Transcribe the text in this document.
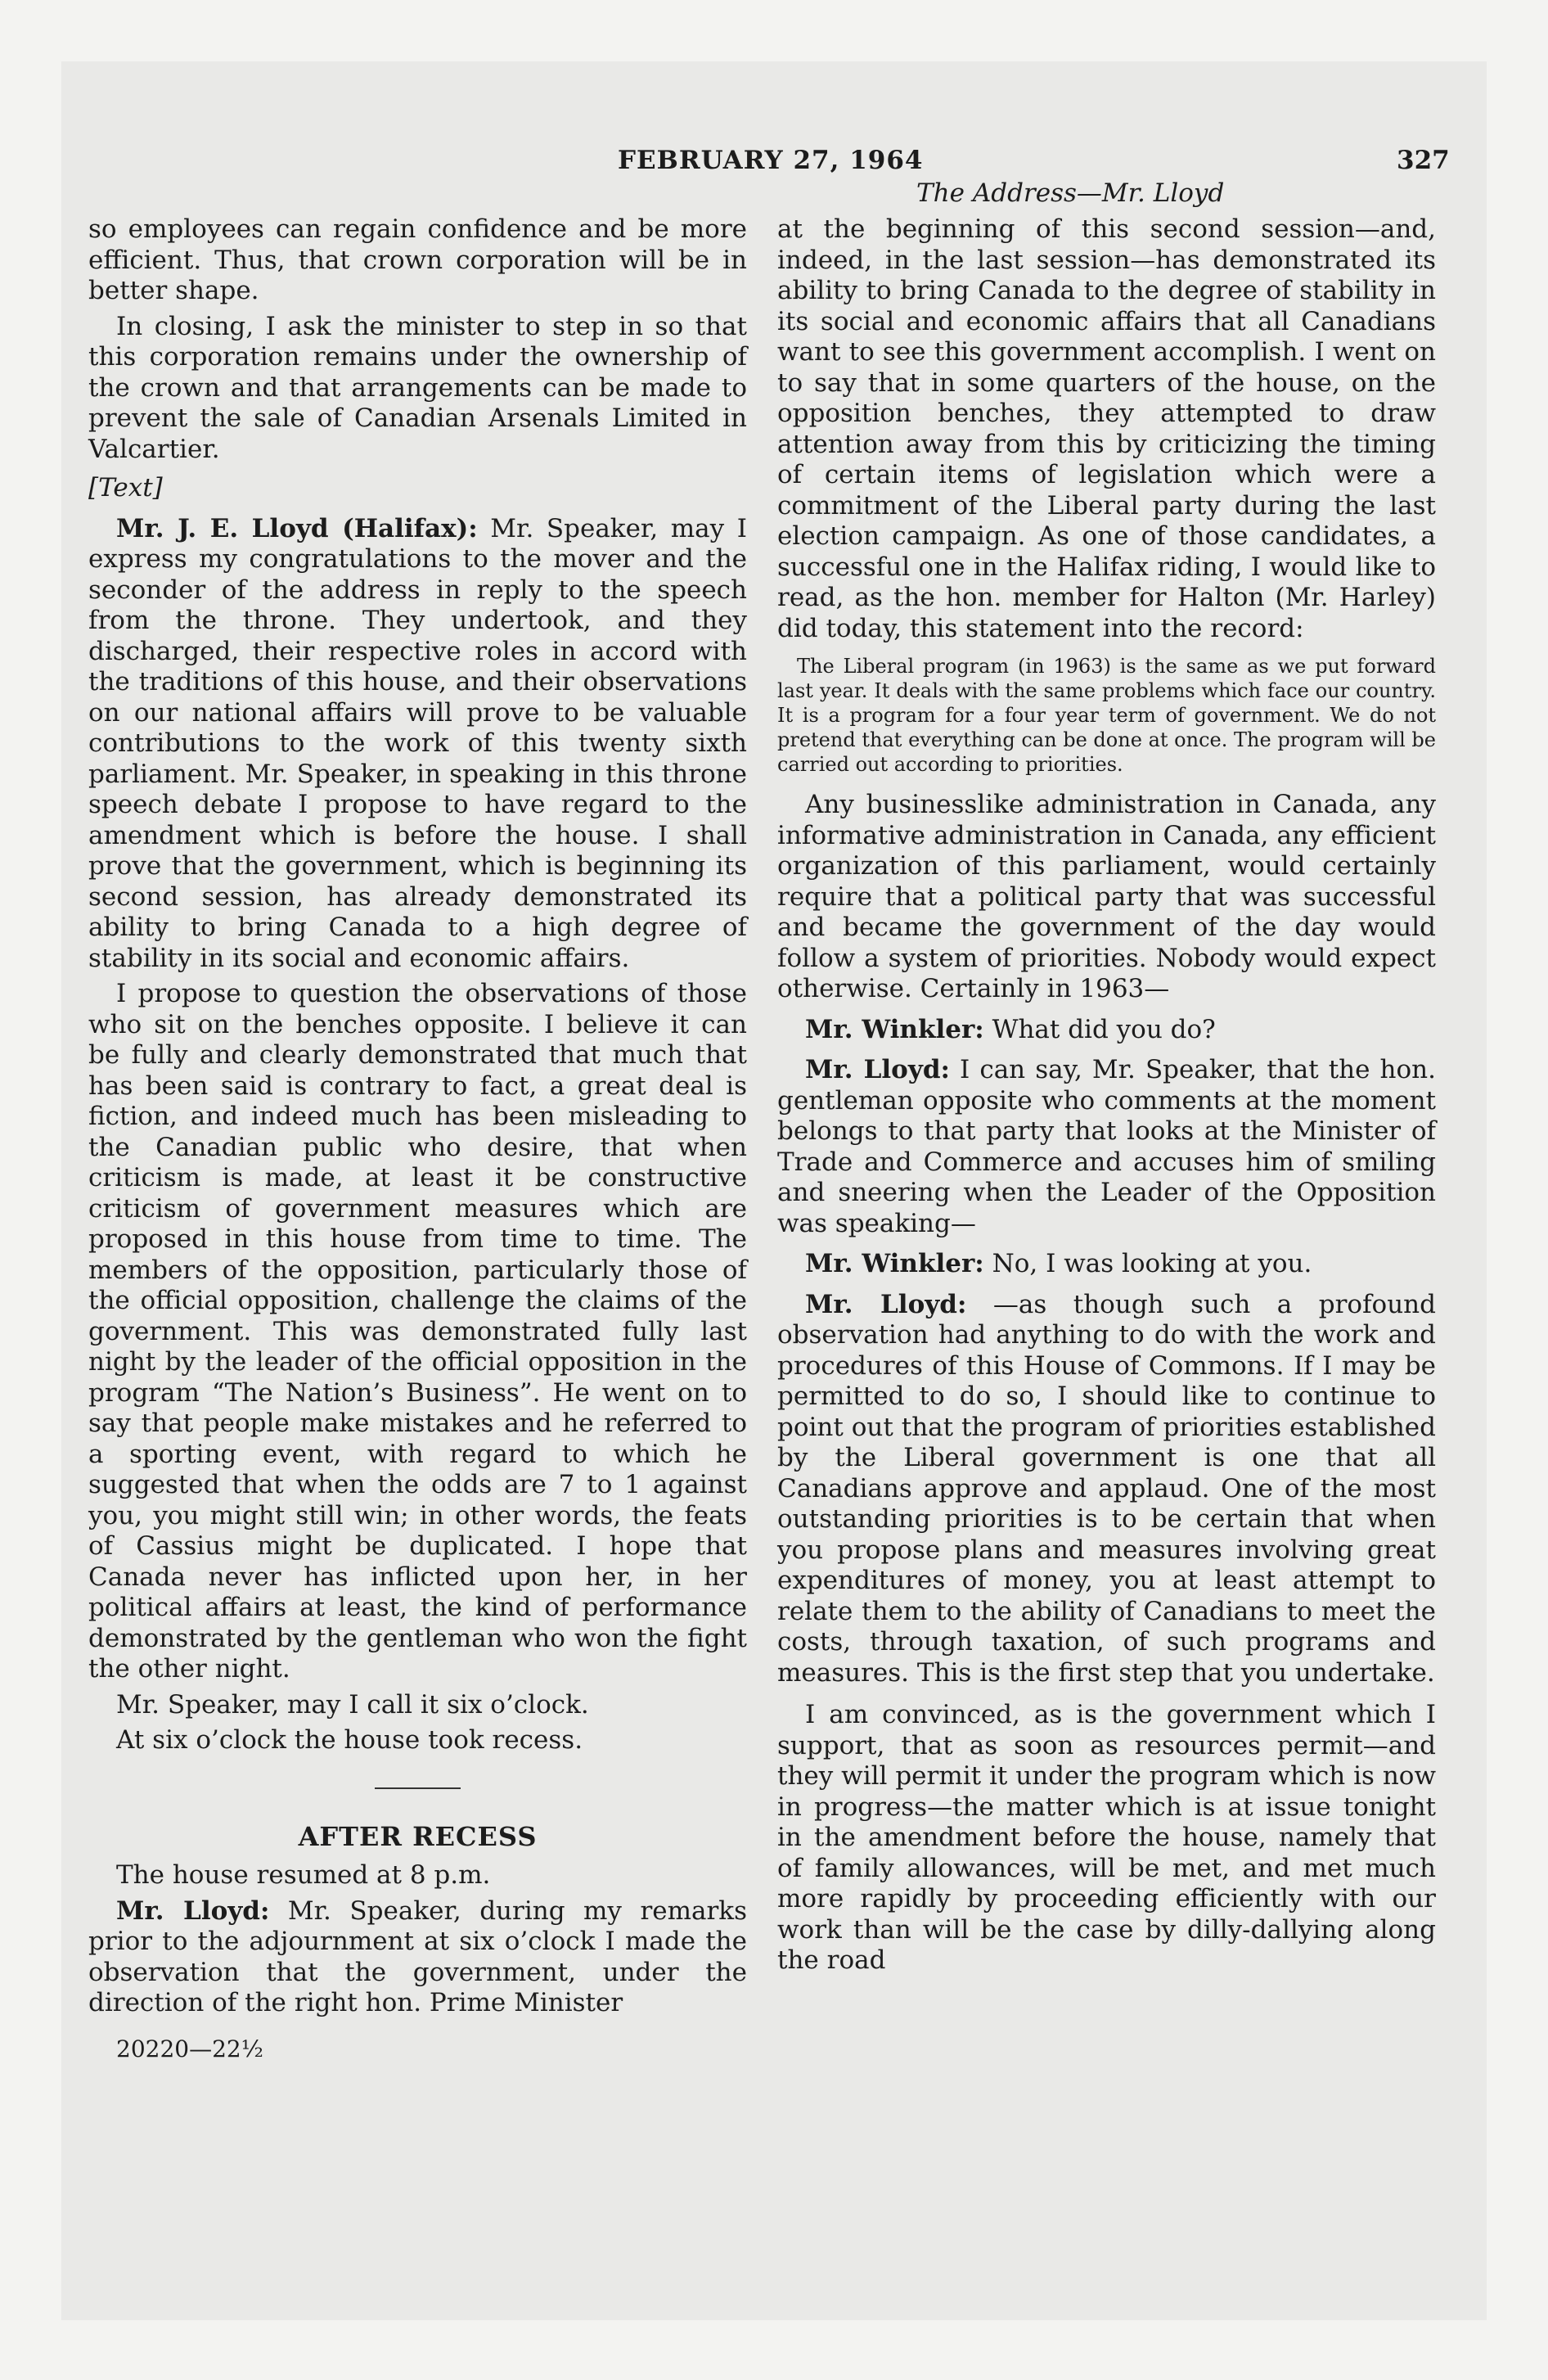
FEBRUARY 27, 1964	327
The Address—Mr. Lloyd

so employees can regain confidence and be more efficient. Thus, that crown corporation will be in better shape.

In closing, I ask the minister to step in so that this corporation remains under the ownership of the crown and that arrangements can be made to prevent the sale of Canadian Arsenals Limited in Valcartier.

[Text]

Mr. J. E. Lloyd (Halifax): Mr. Speaker, may I express my congratulations to the mover and the seconder of the address in reply to the speech from the throne. They undertook, and they discharged, their respective roles in accord with the traditions of this house, and their observations on our national affairs will prove to be valuable contributions to the work of this twenty sixth parliament. Mr. Speaker, in speaking in this throne speech debate I propose to have regard to the amendment which is before the house. I shall prove that the government, which is beginning its second session, has already demonstrated its ability to bring Canada to a high degree of stability in its social and economic affairs.

I propose to question the observations of those who sit on the benches opposite. I believe it can be fully and clearly demonstrated that much that has been said is contrary to fact, a great deal is fiction, and indeed much has been misleading to the Canadian public who desire, that when criticism is made, at least it be constructive criticism of government measures which are proposed in this house from time to time. The members of the opposition, particularly those of the official opposition, challenge the claims of the government. This was demonstrated fully last night by the leader of the official opposition in the program “The Nation’s Business”. He went on to say that people make mistakes and he referred to a sporting event, with regard to which he suggested that when the odds are 7 to 1 against you, you might still win; in other words, the feats of Cassius might be duplicated. I hope that Canada never has inflicted upon her, in her political affairs at least, the kind of performance demonstrated by the gentleman who won the fight the other night.

Mr. Speaker, may I call it six o’clock.

At six o’clock the house took recess.

AFTER RECESS

The house resumed at 8 p.m.

Mr. Lloyd: Mr. Speaker, during my remarks prior to the adjournment at six o’clock I made the observation that the government, under the direction of the right hon. Prime Minister

20220—22½

at the beginning of this second session—and, indeed, in the last session—has demonstrated its ability to bring Canada to the degree of stability in its social and economic affairs that all Canadians want to see this government accomplish. I went on to say that in some quarters of the house, on the opposition benches, they attempted to draw attention away from this by criticizing the timing of certain items of legislation which were a commitment of the Liberal party during the last election campaign. As one of those candidates, a successful one in the Halifax riding, I would like to read, as the hon. member for Halton (Mr. Harley) did today, this statement into the record:

The Liberal program (in 1963) is the same as we put forward last year. It deals with the same problems which face our country. It is a program for a four year term of government. We do not pretend that everything can be done at once. The program will be carried out according to priorities.

Any businesslike administration in Canada, any informative administration in Canada, any efficient organization of this parliament, would certainly require that a political party that was successful and became the government of the day would follow a system of priorities. Nobody would expect otherwise. Certainly in 1963—

Mr. Winkler: What did you do?

Mr. Lloyd: I can say, Mr. Speaker, that the hon. gentleman opposite who comments at the moment belongs to that party that looks at the Minister of Trade and Commerce and accuses him of smiling and sneering when the Leader of the Opposition was speaking—

Mr. Winkler: No, I was looking at you.

Mr. Lloyd: —as though such a profound observation had anything to do with the work and procedures of this House of Commons. If I may be permitted to do so, I should like to continue to point out that the program of priorities established by the Liberal government is one that all Canadians approve and applaud. One of the most outstanding priorities is to be certain that when you propose plans and measures involving great expenditures of money, you at least attempt to relate them to the ability of Canadians to meet the costs, through taxation, of such programs and measures. This is the first step that you undertake.

I am convinced, as is the government which I support, that as soon as resources permit—and they will permit it under the program which is now in progress—the matter which is at issue tonight in the amendment before the house, namely that of family allowances, will be met, and met much more rapidly by proceeding efficiently with our work than will be the case by dilly-dallying along the road
